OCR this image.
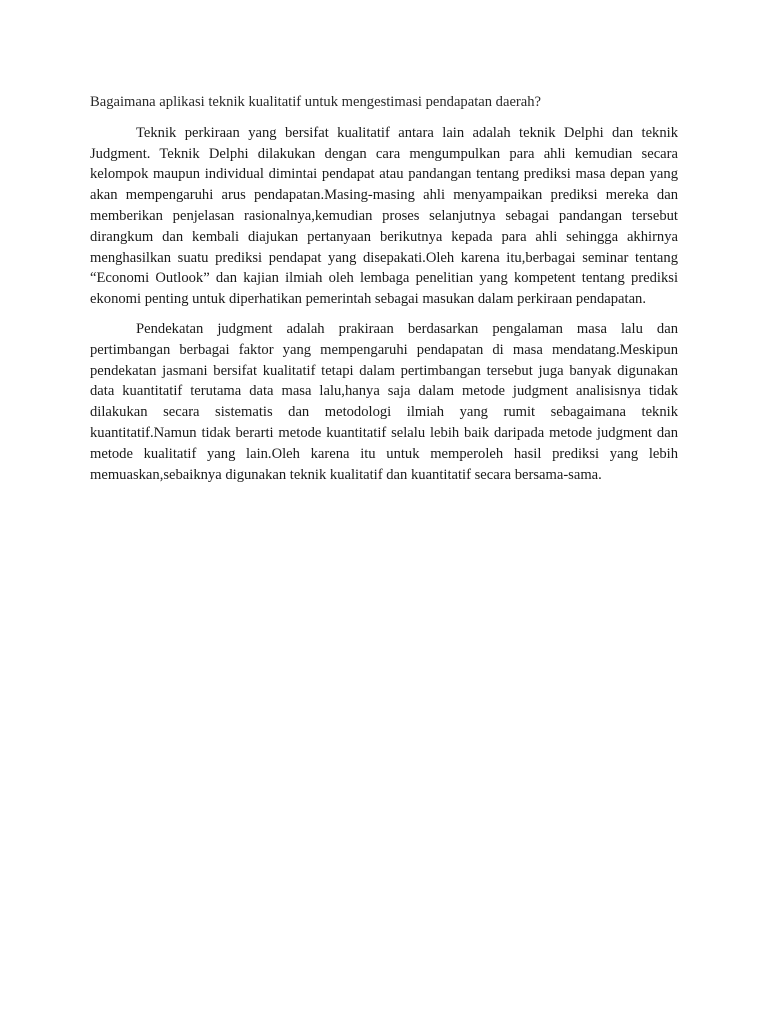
Bagaimana aplikasi teknik kualitatif untuk mengestimasi pendapatan daerah?

Teknik perkiraan yang bersifat kualitatif antara lain adalah teknik Delphi dan teknik Judgment. Teknik Delphi dilakukan dengan cara mengumpulkan para ahli kemudian secara kelompok maupun individual dimintai pendapat atau pandangan tentang prediksi masa depan yang akan mempengaruhi arus pendapatan.Masing-masing ahli menyampaikan prediksi mereka dan memberikan penjelasan rasionalnya,kemudian proses selanjutnya sebagai pandangan tersebut dirangkum dan kembali diajukan pertanyaan berikutnya kepada para ahli sehingga akhirnya menghasilkan suatu prediksi pendapat yang disepakati.Oleh karena itu,berbagai seminar tentang “Economi Outlook” dan kajian ilmiah oleh lembaga penelitian yang kompetent tentang prediksi ekonomi penting untuk diperhatikan pemerintah sebagai masukan dalam perkiraan pendapatan.

Pendekatan judgment adalah prakiraan berdasarkan pengalaman masa lalu dan pertimbangan berbagai faktor yang mempengaruhi pendapatan di masa mendatang.Meskipun pendekatan jasmani bersifat kualitatif tetapi dalam pertimbangan tersebut juga banyak digunakan data kuantitatif terutama data masa lalu,hanya saja dalam metode judgment analisisnya tidak dilakukan secara sistematis dan metodologi ilmiah yang rumit sebagaimana teknik kuantitatif.Namun tidak berarti metode kuantitatif selalu lebih baik daripada metode judgment dan metode kualitatif yang lain.Oleh karena itu untuk memperoleh hasil prediksi yang lebih memuaskan,sebaiknya digunakan teknik kualitatif dan kuantitatif secara bersama-sama.
